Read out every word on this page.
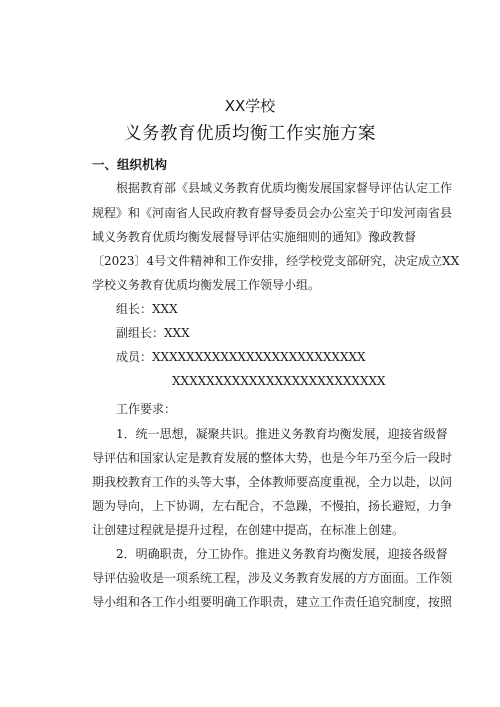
XX学校
义务教育优质均衡工作实施方案
一、组织机构
根据教育部《县域义务教育优质均衡发展国家督导评估认定工作
规程》和《河南省人民政府教育督导委员会办公室关于印发河南省县
域义务教育优质均衡发展督导评估实施细则的通知》豫政教督
〔2023〕4号文件精神和工作安排，经学校党支部研究，决定成立XX
学校义务教育优质均衡发展工作领导小组。
组长：XXX
副组长：XXX
成员：XXXXXXXXXXXXXXXXXXXXXXXXX
XXXXXXXXXXXXXXXXXXXXXXXXX
工作要求：
1．统一思想，凝聚共识。推进义务教育均衡发展，迎接省级督
导评估和国家认定是教育发展的整体大势，也是今年乃至今后一段时
期我校教育工作的头等大事，全体教师要高度重视，全力以赴，以问
题为导向，上下协调，左右配合，不急躁，不慢拍，扬长避短，力争
让创建过程就是提升过程，在创建中提高，在标准上创建。
2．明确职责，分工协作。推进义务教育均衡发展，迎接各级督
导评估验收是一项系统工程，涉及义务教育发展的方方面面。工作领
导小组和各工作小组要明确工作职责，建立工作责任追究制度，按照
